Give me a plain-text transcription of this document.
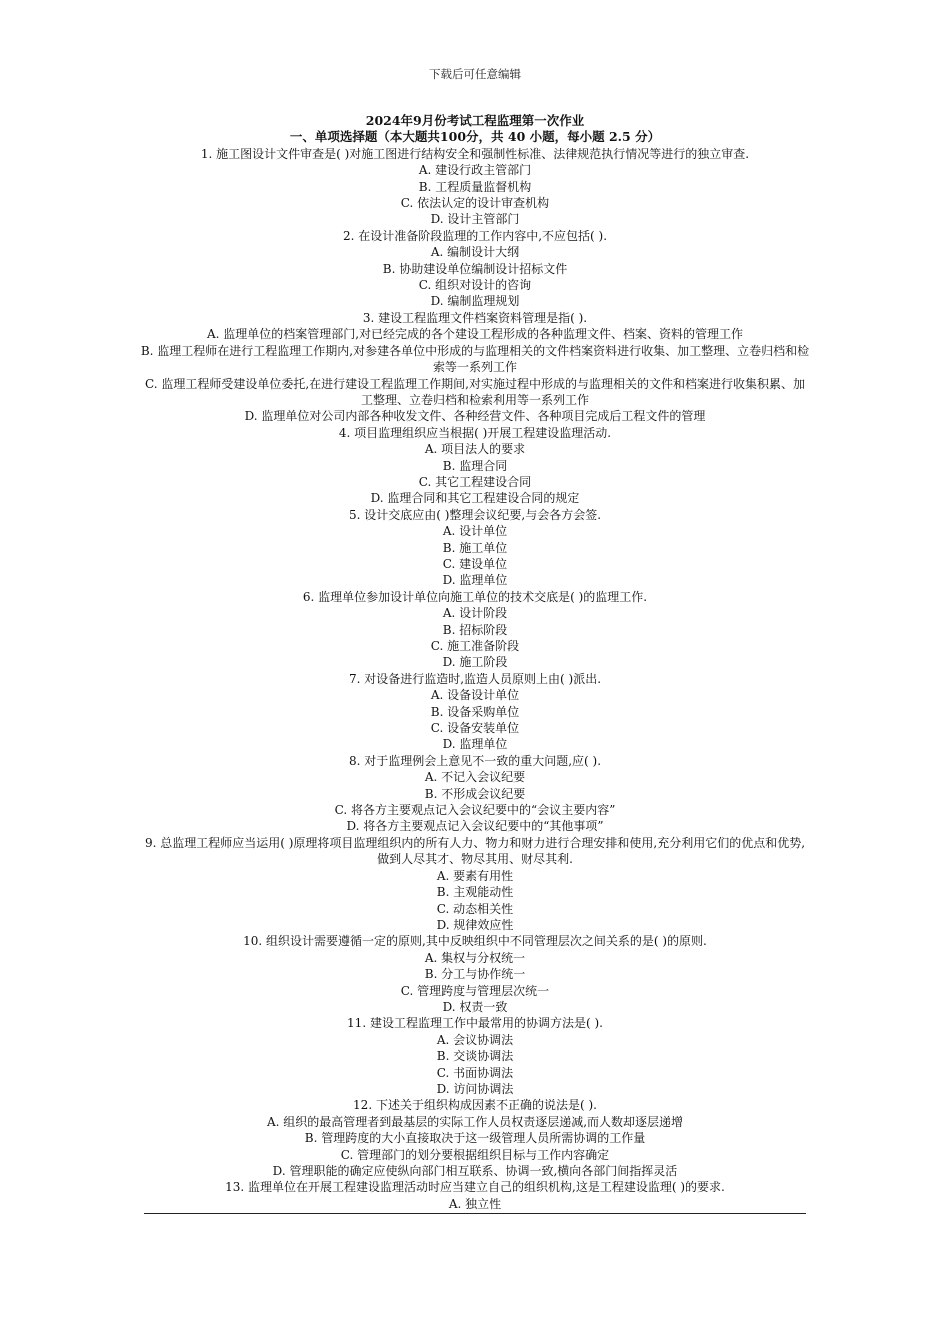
下载后可任意编辑
2024年9月份考试工程监理第一次作业
一、单项选择题（本大题共100分，共 40 小题，每小题 2.5 分）
1. 施工图设计文件审查是( )对施工图进行结构安全和强制性标准、法律规范执行情况等进行的独立审查.
A. 建设行政主管部门
B. 工程质量监督机构
C. 依法认定的设计审查机构
D. 设计主管部门
2. 在设计准备阶段监理的工作内容中,不应包括( ).
A. 编制设计大纲
B. 协助建设单位编制设计招标文件
C. 组织对设计的咨询
D. 编制监理规划
3. 建设工程监理文件档案资料管理是指( ).
A. 监理单位的档案管理部门,对已经完成的各个建设工程形成的各种监理文件、档案、资料的管理工作
B. 监理工程师在进行工程监理工作期内,对参建各单位中形成的与监理相关的文件档案资料进行收集、加工整理、立卷归档和检索等一系列工作
C. 监理工程师受建设单位委托,在进行建设工程监理工作期间,对实施过程中形成的与监理相关的文件和档案进行收集积累、加工整理、立卷归档和检索利用等一系列工作
D. 监理单位对公司内部各种收发文件、各种经营文件、各种项目完成后工程文件的管理
4. 项目监理组织应当根据( )开展工程建设监理活动.
A. 项目法人的要求
B. 监理合同
C. 其它工程建设合同
D. 监理合同和其它工程建设合同的规定
5. 设计交底应由( )整理会议纪要,与会各方会签.
A. 设计单位
B. 施工单位
C. 建设单位
D. 监理单位
6. 监理单位参加设计单位向施工单位的技术交底是( )的监理工作.
A. 设计阶段
B. 招标阶段
C. 施工准备阶段
D. 施工阶段
7. 对设备进行监造时,监造人员原则上由( )派出.
A. 设备设计单位
B. 设备采购单位
C. 设备安装单位
D. 监理单位
8. 对于监理例会上意见不一致的重大问题,应( ).
A. 不记入会议纪要
B. 不形成会议纪要
C. 将各方主要观点记入会议纪要中的“会议主要内容”
D. 将各方主要观点记入会议纪要中的“其他事项”
9. 总监理工程师应当运用( )原理将项目监理组织内的所有人力、物力和财力进行合理安排和使用,充分利用它们的优点和优势,做到人尽其才、物尽其用、财尽其利.
A. 要素有用性
B. 主观能动性
C. 动态相关性
D. 规律效应性
10. 组织设计需要遵循一定的原则,其中反映组织中不同管理层次之间关系的是( )的原则.
A. 集权与分权统一
B. 分工与协作统一
C. 管理跨度与管理层次统一
D. 权责一致
11. 建设工程监理工作中最常用的协调方法是( ).
A. 会议协调法
B. 交谈协调法
C. 书面协调法
D. 访问协调法
12. 下述关于组织构成因素不正确的说法是( ).
A. 组织的最高管理者到最基层的实际工作人员权责逐层递减,而人数却逐层递增
B. 管理跨度的大小直接取决于这一级管理人员所需协调的工作量
C. 管理部门的划分要根据组织目标与工作内容确定
D. 管理职能的确定应使纵向部门相互联系、协调一致,横向各部门间指挥灵活
13. 监理单位在开展工程建设监理活动时应当建立自己的组织机构,这是工程建设监理( )的要求.
A. 独立性
